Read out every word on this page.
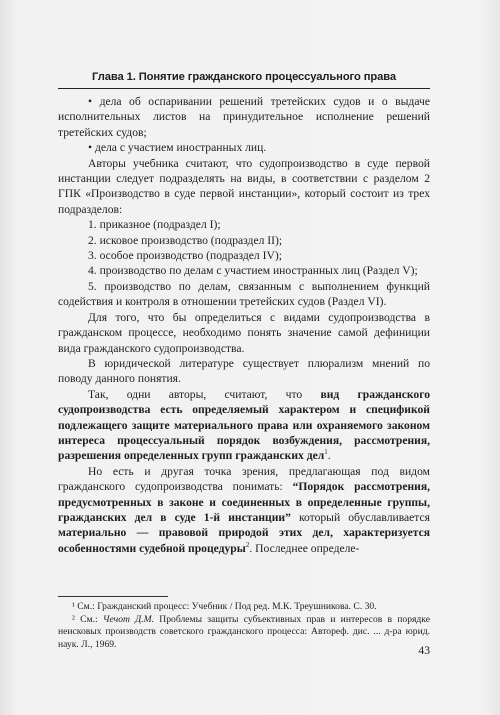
Глава 1. Понятие гражданского процессуального права

• дела об оспаривании решений третейских судов и о выдаче исполнительных листов на принудительное исполнение решений третейских судов;

• дела с участием иностранных лиц.

Авторы учебника считают, что судопроизводство в суде первой инстанции следует подразделять на виды, в соответствии с разделом 2 ГПК «Производство в суде первой инстанции», который состоит из трех подразделов:

1. приказное (подраздел I);

2. исковое производство (подраздел II);

3. особое производство (подраздел IV);

4. производство по делам с участием иностранных лиц (Раздел V);

5. производство по делам, связанным с выполнением функций содействия и контроля в отношении третейских судов (Раздел VI).

Для того, что бы определиться с видами судопроизводства в гражданском процессе, необходимо понять значение самой дефиниции вида гражданского судопроизводства.

В юридической литературе существует плюрализм мнений по поводу данного понятия.

Так, одни авторы, считают, что вид гражданского судопроизводства есть определяемый характером и спецификой подлежащего защите материального права или охраняемого законом интереса процессуальный порядок возбуждения, рассмотрения, разрешения определенных групп гражданских дел$^1$.

Но есть и другая точка зрения, предлагающая под видом гражданского судопроизводства понимать: “Порядок рассмотрения, предусмотренных в законе и соединенных в определенные группы, гражданских дел в суде 1-й инстанции” который обуславливается материально — правовой природой этих дел, характеризуется особенностями судебной процедуры$^2$. Последнее определе-

¹ См.: Гражданский процесс: Учебник / Под ред. М.К. Треушникова. С. 30.

² См.: Чечот Д.М. Проблемы защиты субъективных прав и интересов в порядке неисковых производств советского гражданского процесса: Автореф. дис. ... д-ра юрид. наук. Л., 1969.	43
